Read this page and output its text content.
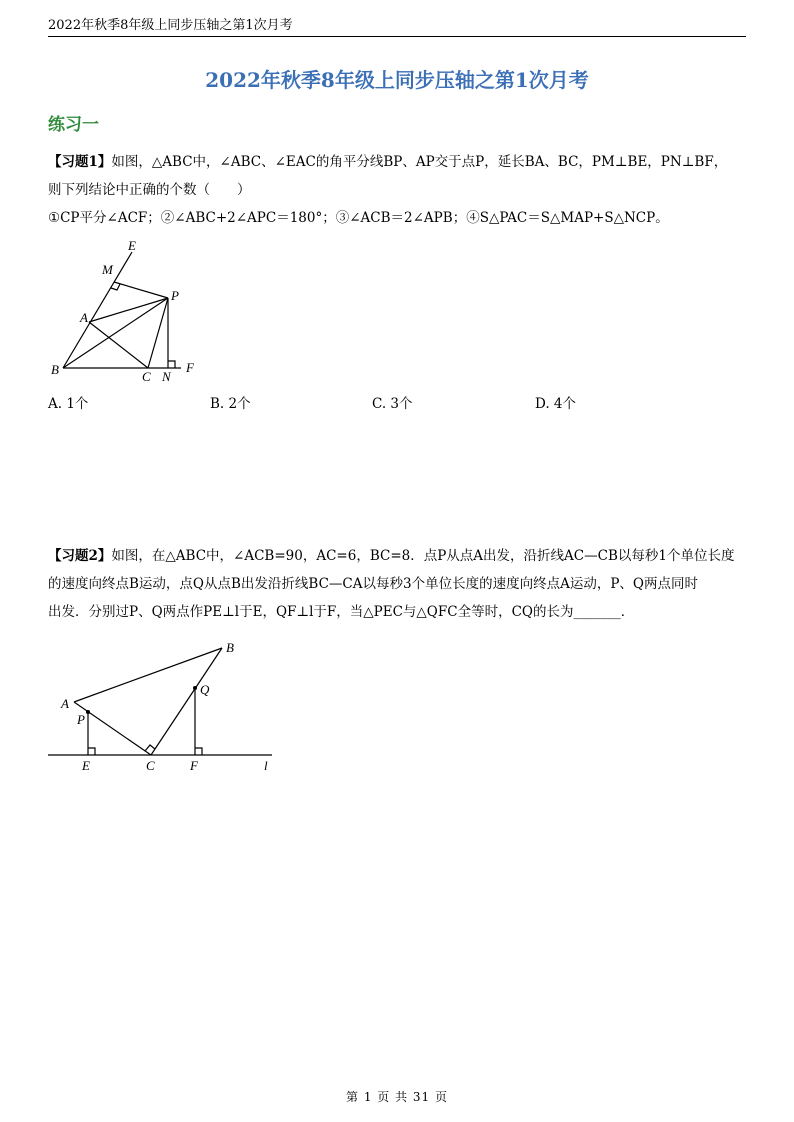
2022年秋季8年级上同步压轴之第1次月考
2022年秋季8年级上同步压轴之第1次月考
练习一
【习题1】如图，△ABC中，∠ABC、∠EAC的角平分线BP、AP交于点P，延长BA、BC，PM⊥BE，PN⊥BF，
则下列结论中正确的个数（　　）
①CP平分∠ACF；②∠ABC+2∠APC＝180°；③∠ACB＝2∠APB；④S△PAC＝S△MAP+S△NCP。
E
M
P
A
B	C N
F
A. 1个	B. 2个	C. 3个	D. 4个
【习题2】如图，在△ABC中，∠ACB=90，AC=6，BC=8．点P从点A出发，沿折线AC—CB以每秒1个单位长度
的速度向终点B运动，点Q从点B出发沿折线BC—CA以每秒3个单位长度的速度向终点A运动，P、Q两点同时
出发．分别过P、Q两点作PE⊥l于E，QF⊥l于F，当△PEC与△QFC全等时，CQ的长为_______．
B
Q
A
P
E	C	F	l
第 1 页 共 31 页
